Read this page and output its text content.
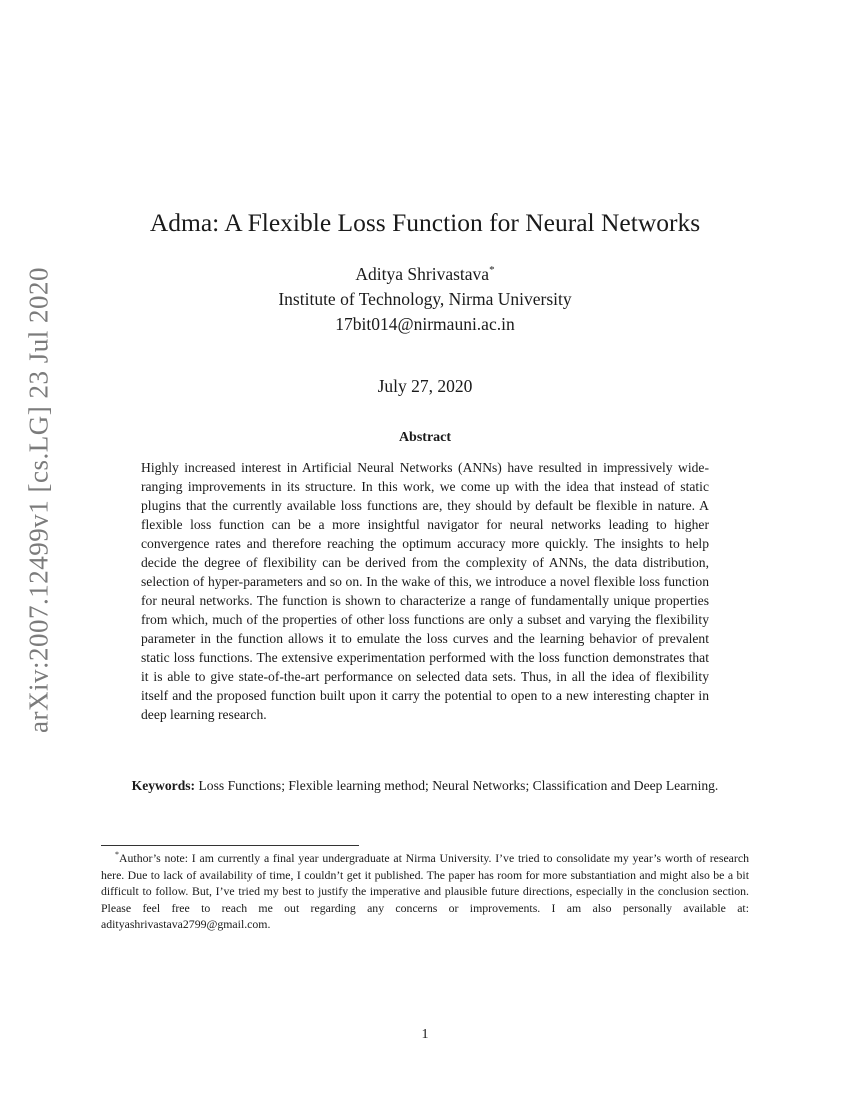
arXiv:2007.12499v1 [cs.LG] 23 Jul 2020
Adma: A Flexible Loss Function for Neural Networks
Aditya Shrivastava*
Institute of Technology, Nirma University
17bit014@nirmauni.ac.in
July 27, 2020
Abstract

Highly increased interest in Artificial Neural Networks (ANNs) have resulted in impressively wide-ranging improvements in its structure. In this work, we come up with the idea that instead of static plugins that the currently available loss functions are, they should by default be flexible in nature. A flexible loss function can be a more insightful navigator for neural networks leading to higher convergence rates and therefore reaching the optimum accuracy more quickly. The insights to help decide the degree of flexibility can be derived from the complexity of ANNs, the data distribution, selection of hyper-parameters and so on. In the wake of this, we introduce a novel flexible loss function for neural networks. The function is shown to characterize a range of fundamentally unique properties from which, much of the properties of other loss functions are only a subset and varying the flexibility parameter in the function allows it to emulate the loss curves and the learning behavior of prevalent static loss functions. The extensive experimentation performed with the loss function demonstrates that it is able to give state-of-the-art performance on selected data sets. Thus, in all the idea of flexibility itself and the proposed function built upon it carry the potential to open to a new interesting chapter in deep learning research.

Keywords: Loss Functions; Flexible learning method; Neural Networks; Classification and Deep Learning.

*Author’s note: I am currently a final year undergraduate at Nirma University. I’ve tried to consolidate my year’s worth of research here. Due to lack of availability of time, I couldn’t get it published. The paper has room for more substantiation and might also be a bit difficult to follow. But, I’ve tried my best to justify the imperative and plausible future directions, especially in the conclusion section. Please feel free to reach me out regarding any concerns or improvements. I am also personally available at: adityashrivastava2799@gmail.com.

1
